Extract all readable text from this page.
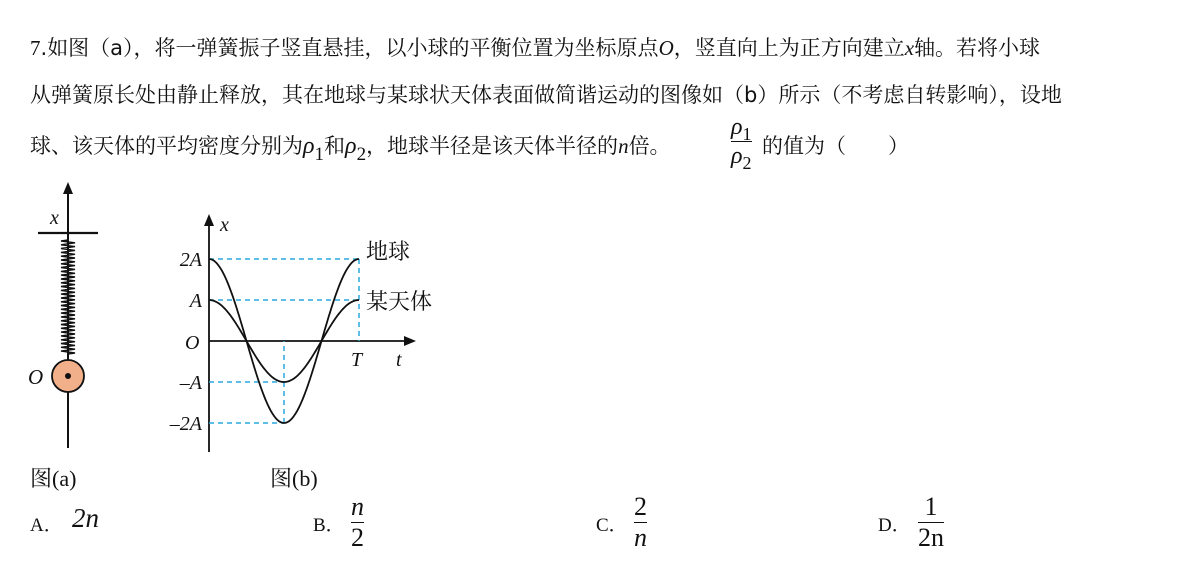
7.如图（a），将一弹簧振子竖直悬挂，以小球的平衡位置为坐标原点O，竖直向上为正方向建立x轴。若将小球
从弹簧原长处由静止释放，其在地球与某球状天体表面做简谐运动的图像如（b）所示（不考虑自转影响），设地
球、该天体的平均密度分别为ρ1和ρ2，地球半径是该天体半径的n倍。
$\rho_1$
$\rho_2$
的值为（　　）
x
O
图(a)
x
t
O
T
2A
A
–A
–2A
地球
某天体
图(b)
A． 2n	B．
n
2	C．
2
n	D．
1
2n
